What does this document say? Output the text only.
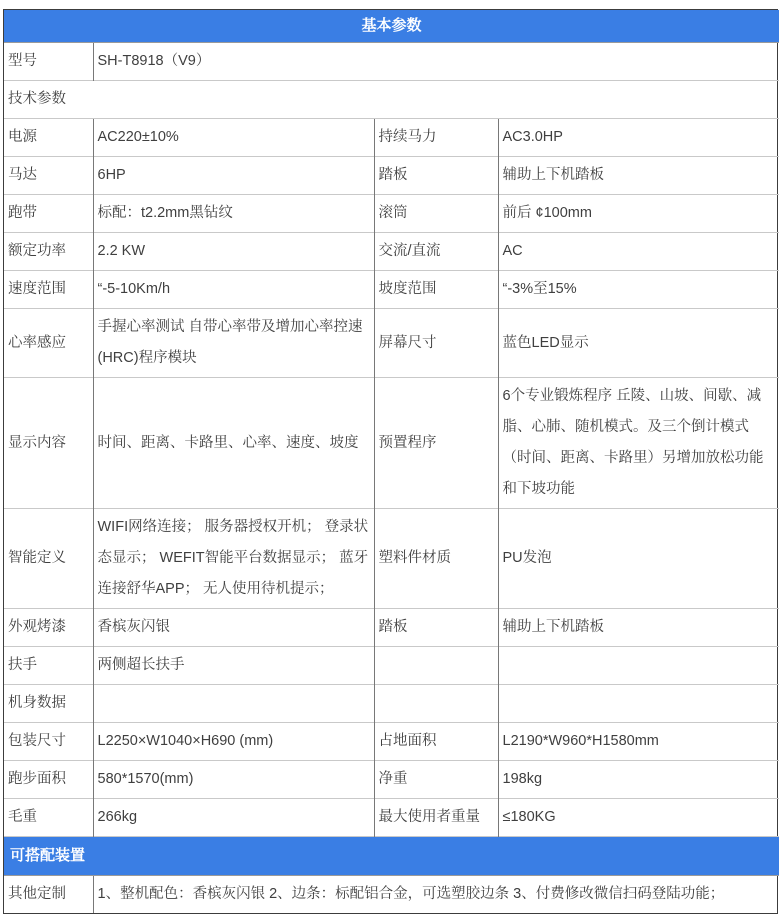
基本参数			
型号	SH-T8918（V9）		
技术参数			
电源	AC220±10%	持续马力	AC3.0HP
马达	6HP	踏板	辅助上下机踏板
跑带	标配：t2.2mm黑钻纹	滚筒	前后 ¢100mm
额定功率	2.2 KW	交流/直流	AC
速度范围	“-5-10Km/h	坡度范围	“-3%至15%
心率感应	手握心率测试 自带心率带及增加心率控速 (HRC)程序模块	屏幕尺寸	蓝色LED显示
显示内容	时间、距离、卡路里、心率、速度、坡度	预置程序	6个专业锻炼程序 丘陵、山坡、间歇、减脂、心肺、随机模式。及三个倒计模式（时间、距离、卡路里）另增加放松功能和下坡功能
智能定义	WIFI网络连接； 服务器授权开机； 登录状态显示； WEFIT智能平台数据显示； 蓝牙连接舒华APP； 无人使用待机提示；	塑料件材质	PU发泡
外观烤漆	香槟灰闪银	踏板	辅助上下机踏板
扶手	两侧超长扶手		
机身数据			
包装尺寸	L2250×W1040×H690 (mm)	占地面积	L2190*W960*H1580mm
跑步面积	580*1570(mm)	净重	198kg
毛重	266kg	最大使用者重量	≤180KG
可搭配装置			
其他定制	1、整机配色：香槟灰闪银 2、边条：标配铝合金，可选塑胶边条 3、付费修改微信扫码登陆功能；		
